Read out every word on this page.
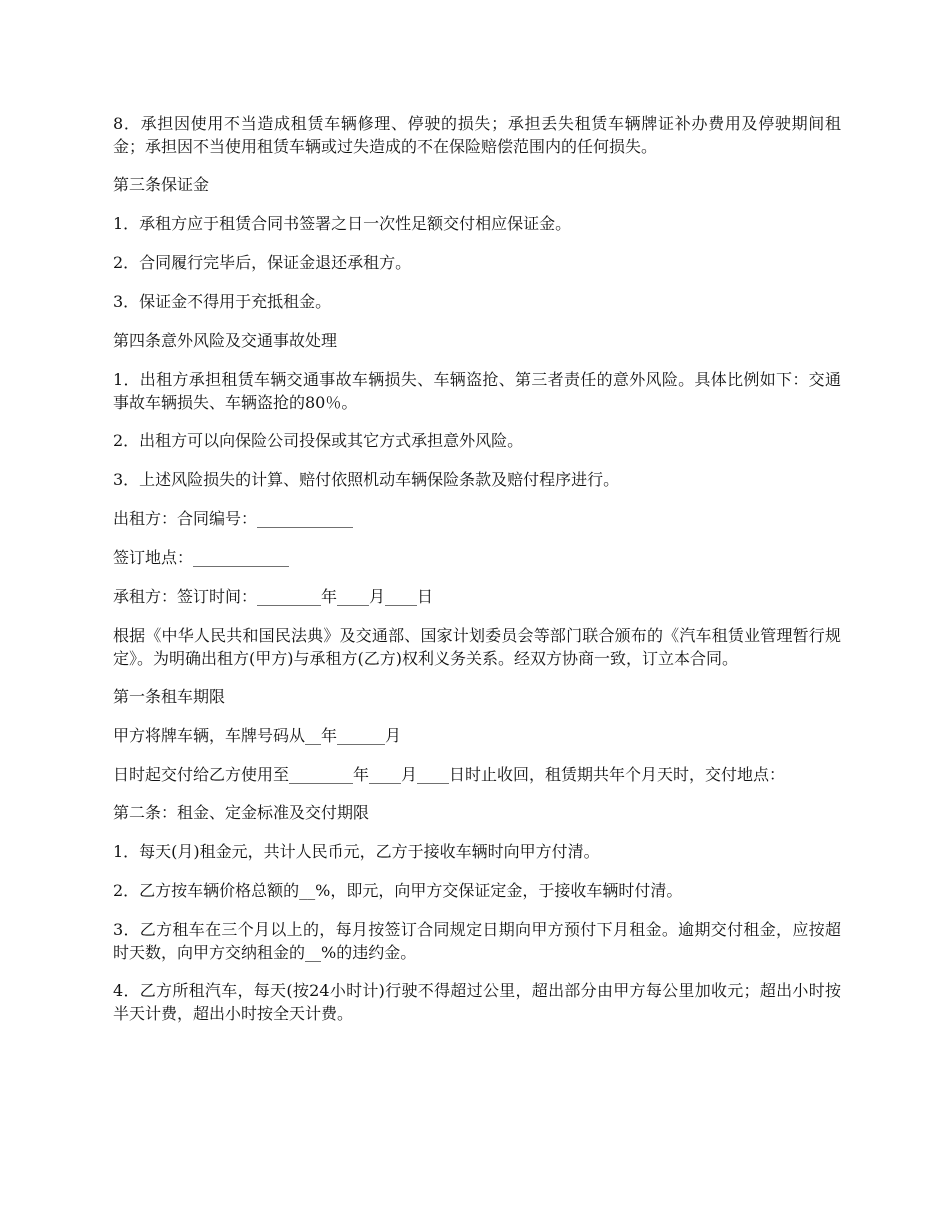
8．承担因使用不当造成租赁车辆修理、停驶的损失；承担丢失租赁车辆牌证补办费用及停驶期间租金；承担因不当使用租赁车辆或过失造成的不在保险赔偿范围内的任何损失。

第三条保证金

1．承租方应于租赁合同书签署之日一次性足额交付相应保证金。

2．合同履行完毕后，保证金退还承租方。

3．保证金不得用于充抵租金。

第四条意外风险及交通事故处理

1．出租方承担租赁车辆交通事故车辆损失、车辆盗抢、第三者责任的意外风险。具体比例如下：交通事故车辆损失、车辆盗抢的80％。

2．出租方可以向保险公司投保或其它方式承担意外风险。

3．上述风险损失的计算、赔付依照机动车辆保险条款及赔付程序进行。

出租方：合同编号：____________

签订地点：____________

承租方：签订时间：________年____月____日

根据《中华人民共和国民法典》及交通部、国家计划委员会等部门联合颁布的《汽车租赁业管理暂行规定》。为明确出租方(甲方)与承租方(乙方)权利义务关系。经双方协商一致，订立本合同。

第一条租车期限

甲方将牌车辆，车牌号码从__年______月

日时起交付给乙方使用至________年____月____日时止收回，租赁期共年个月天时，交付地点：

第二条：租金、定金标准及交付期限

1．每天(月)租金元，共计人民币元，乙方于接收车辆时向甲方付清。

2．乙方按车辆价格总额的__%，即元，向甲方交保证定金，于接收车辆时付清。

3．乙方租车在三个月以上的，每月按签订合同规定日期向甲方预付下月租金。逾期交付租金，应按超时天数，向甲方交纳租金的__%的违约金。

4．乙方所租汽车，每天(按24小时计)行驶不得超过公里，超出部分由甲方每公里加收元；超出小时按半天计费，超出小时按全天计费。
